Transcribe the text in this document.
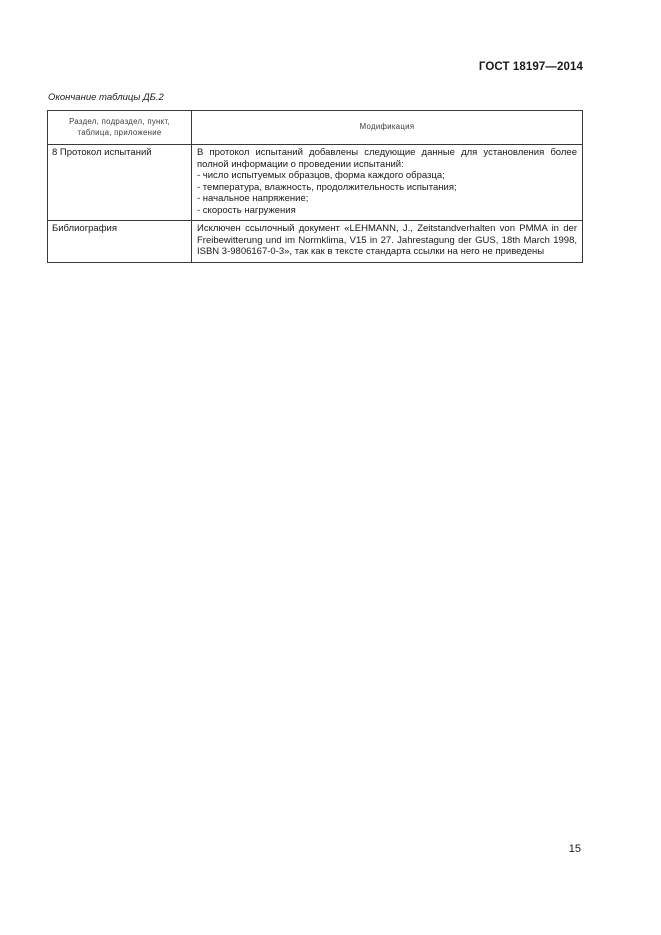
ГОСТ 18197—2014
Окончание таблицы ДБ.2
Раздел, подраздел, пункт, таблица, приложение	Модификация
8 Протокол испытаний	В протокол испытаний добавлены следующие данные для установления более полной информации о проведении испытаний:
- число испытуемых образцов, форма каждого образца;
- температура, влажность, продолжительность испытания;
- начальное напряжение;
- скорость нагружения

Библиография	Исключен ссылочный документ «LEHMANN, J., Zeitstandverhalten von PMMA in der Freibewitterung und im Normklima, V15 in 27. Jahrestagung der GUS, 18th March 1998, ISBN 3-9806167-0-3», так как в тексте стандарта ссылки на него не приведены
15
